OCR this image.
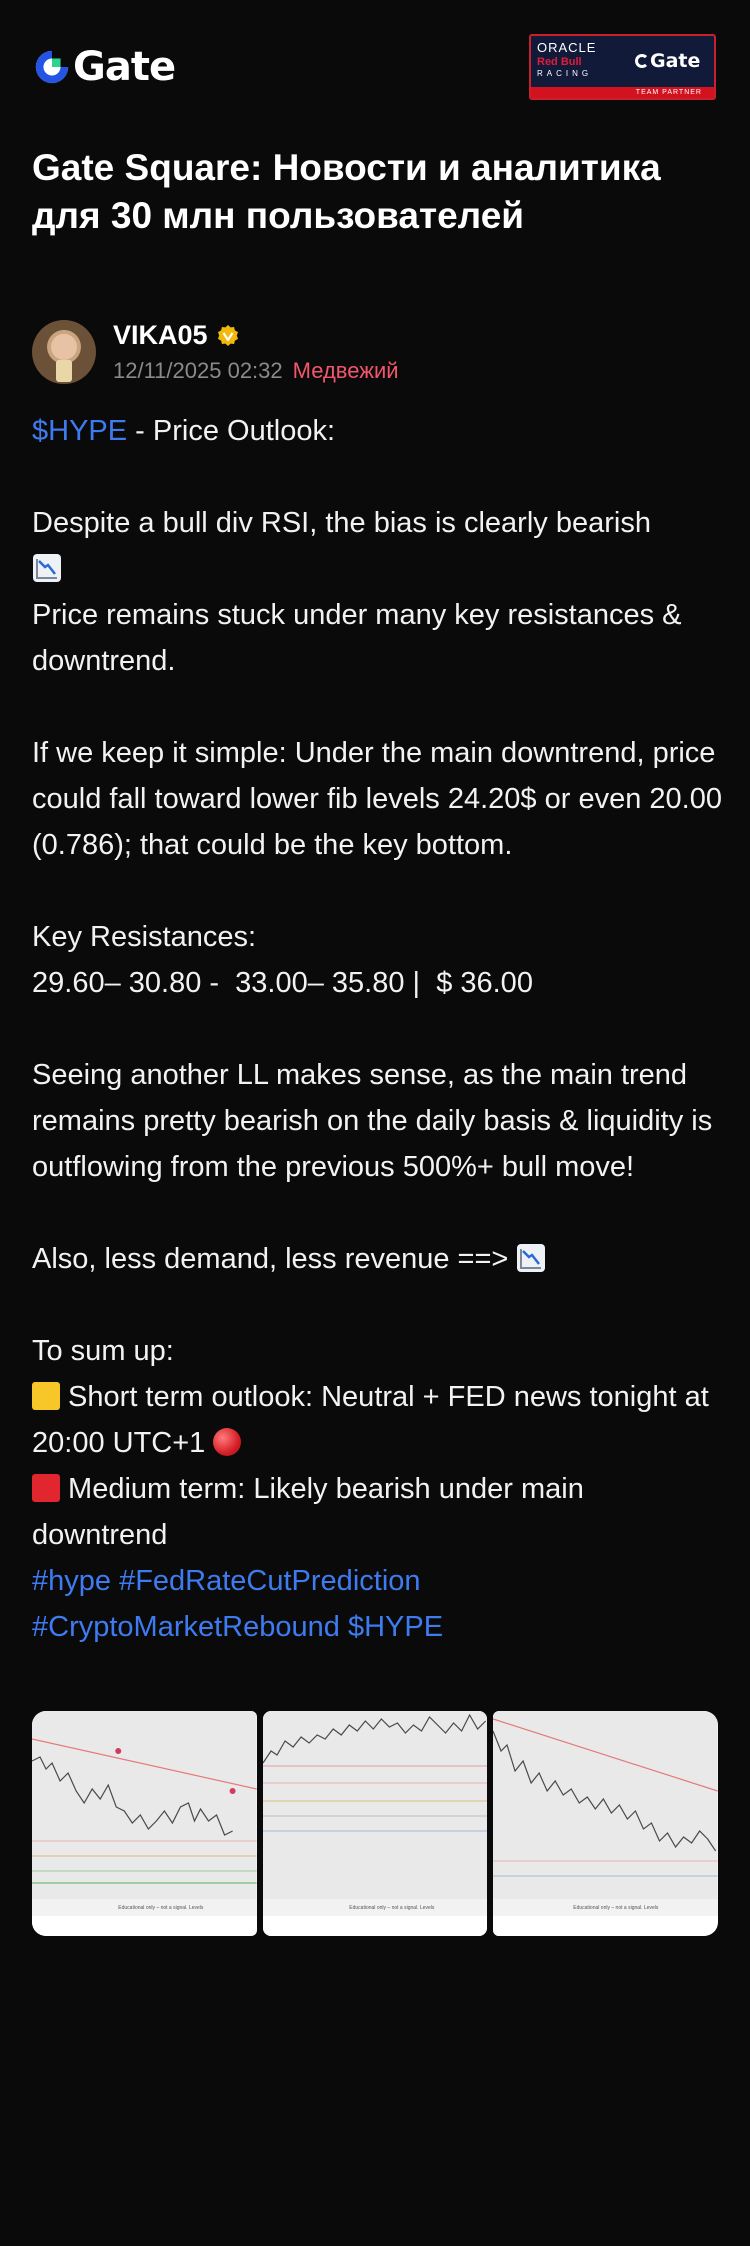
Gate	ORACLE
Red Bull
RACING
Gate
TEAM PARTNER
Gate Square: Новости и аналитика для 30 млн пользователей
VIKA05
12/11/2025 02:32 Медвежий

$HYPE - Price Outlook:

Despite a bull div RSI, the bias is clearly bearish

Price remains stuck under many key resistances & downtrend.

If we keep it simple: Under the main downtrend, price could fall toward lower fib levels 24.20$ or even 20.00 (0.786); that could be the key bottom.

Key Resistances:

29.60– 30.80 -  33.00– 35.80 |  $ 36.00

Seeing another LL makes sense, as the main trend remains pretty bearish on the daily basis & liquidity is outflowing from the previous 500%+ bull move!

Also, less demand, less revenue ==>

To sum up:

Short term outlook: Neutral + FED news tonight at 20:00 UTC+1

Medium term: Likely bearish under main downtrend

#hype #FedRateCutPrediction

#CryptoMarketRebound $HYPE

Educational only – not a signal. Levels	Educational only – not a signal. Levels	Educational only – not a signal. Levels
